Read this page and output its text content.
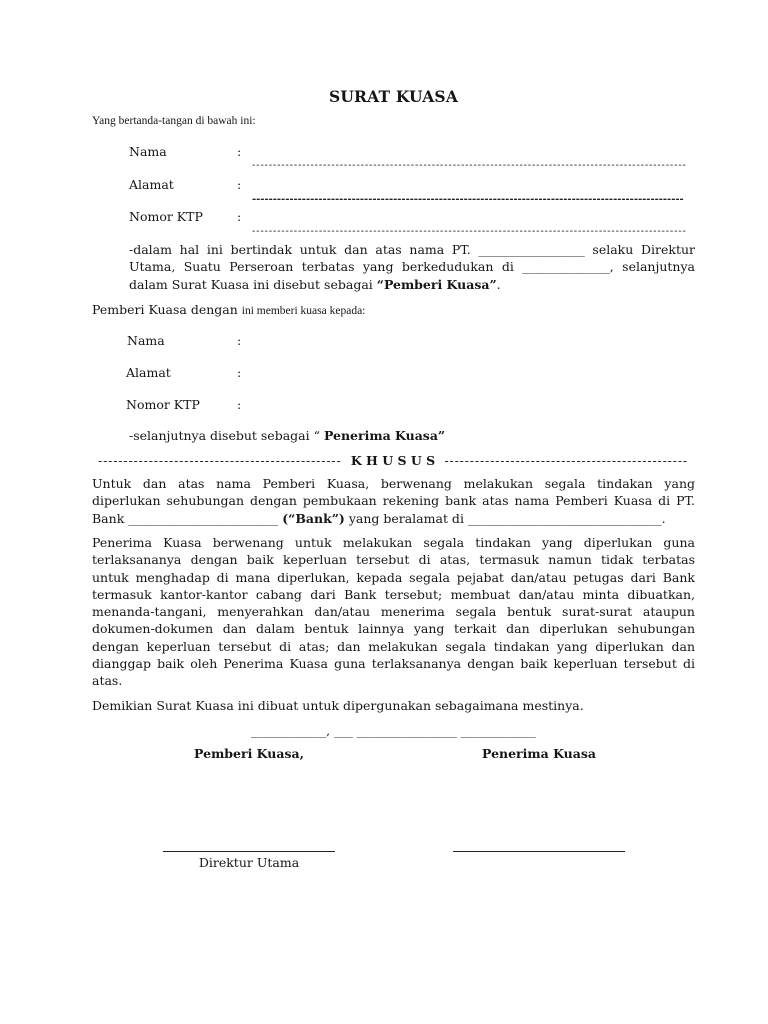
SURAT KUASA
Yang bertanda-tangan di bawah ini:
Nama	:
--------------------------------------------------------------------------------------------------------
Alamat	:
--------------------------------------------------------------------------------------------------------
Nomor KTP	:
--------------------------------------------------------------------------------------------------------
-dalam hal ini bertindak untuk dan atas nama PT. _________________ selaku Direktur
Utama, Suatu Perseroan terbatas yang berkedudukan di ______________, selanjutnya
dalam Surat Kuasa ini disebut sebagai “Pemberi Kuasa”.
Pemberi Kuasa dengan ini memberi kuasa kepada:
Nama	:
Alamat	:
Nomor KTP	:
-selanjutnya disebut sebagai “ Penerima Kuasa”
------------------------------------------------ K H U S U S ------------------------------------------------
Untuk dan atas nama Pemberi Kuasa, berwenang melakukan segala tindakan yang
diperlukan sehubungan dengan pembukaan rekening bank atas nama Pemberi Kuasa di PT.
Bank ________________________ (“Bank”) yang beralamat di _______________________________.
Penerima Kuasa berwenang untuk melakukan segala tindakan yang diperlukan guna
terlaksananya dengan baik keperluan tersebut di atas, termasuk namun tidak terbatas
untuk menghadap di mana diperlukan, kepada segala pejabat dan/atau petugas dari Bank
termasuk kantor-kantor cabang dari Bank tersebut; membuat dan/atau minta dibuatkan,
menanda-tangani, menyerahkan dan/atau menerima segala bentuk surat-surat ataupun
dokumen-dokumen dan dalam bentuk lainnya yang terkait dan diperlukan sehubungan
dengan keperluan tersebut di atas; dan melakukan segala tindakan yang diperlukan dan
dianggap baik oleh Penerima Kuasa guna terlaksananya dengan baik keperluan tersebut di
atas.
Demikian Surat Kuasa ini dibuat untuk dipergunakan sebagaimana mestinya.
____________, ___ ________________ ____________
Pemberi Kuasa,	Penerima Kuasa
Direktur Utama
